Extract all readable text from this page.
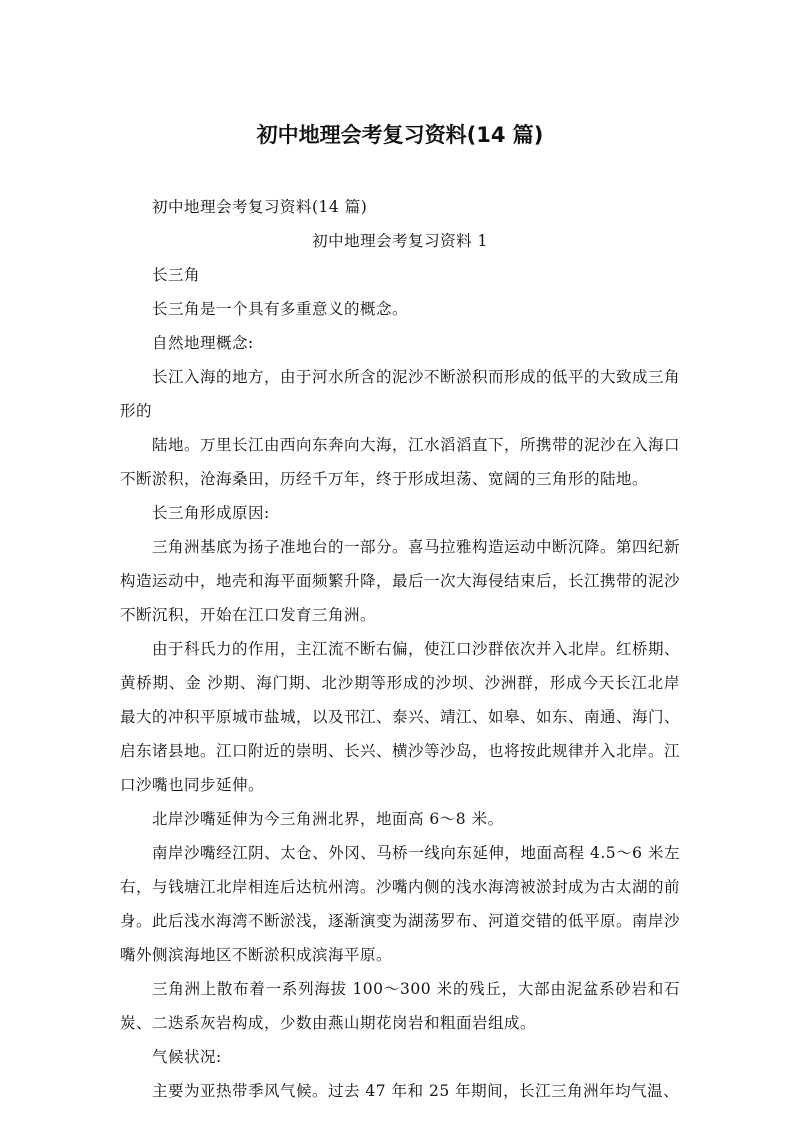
初中地理会考复习资料(14 篇)

初中地理会考复习资料(14 篇)

初中地理会考复习资料 1

长三角

长三角是一个具有多重意义的概念。

自然地理概念:

长江入海的地方，由于河水所含的泥沙不断淤积而形成的低平的大致成三角形的

陆地。万里长江由西向东奔向大海，江水滔滔直下，所携带的泥沙在入海口不断淤积，沧海桑田，历经千万年，终于形成坦荡、宽阔的三角形的陆地。

长三角形成原因:

三角洲基底为扬子准地台的一部分。喜马拉雅构造运动中断沉降。第四纪新构造运动中，地壳和海平面频繁升降，最后一次大海侵结束后，长江携带的泥沙不断沉积，开始在江口发育三角洲。

由于科氏力的作用，主江流不断右偏，使江口沙群依次并入北岸。红桥期、黄桥期、金 沙期、海门期、北沙期等形成的沙坝、沙洲群，形成今天长江北岸最大的冲积平原城市盐城，以及邗江、泰兴、靖江、如皋、如东、南通、海门、启东诸县地。江口附近的崇明、长兴、横沙等沙岛，也将按此规律并入北岸。江口沙嘴也同步延伸。

北岸沙嘴延伸为今三角洲北界，地面高 6～8 米。

南岸沙嘴经江阴、太仓、外冈、马桥一线向东延伸，地面高程 4.5～6 米左右，与钱塘江北岸相连后达杭州湾。沙嘴内侧的浅水海湾被淤封成为古太湖的前身。此后浅水海湾不断淤浅，逐渐演变为湖荡罗布、河道交错的低平原。南岸沙嘴外侧滨海地区不断淤积成滨海平原。

三角洲上散布着一系列海拔 100～300 米的残丘，大部由泥盆系砂岩和石炭、二迭系灰岩构成，少数由燕山期花岗岩和粗面岩组成。

气候状况:

主要为亚热带季风气候。过去 47 年和 25 年期间，长江三角洲年均气温、
